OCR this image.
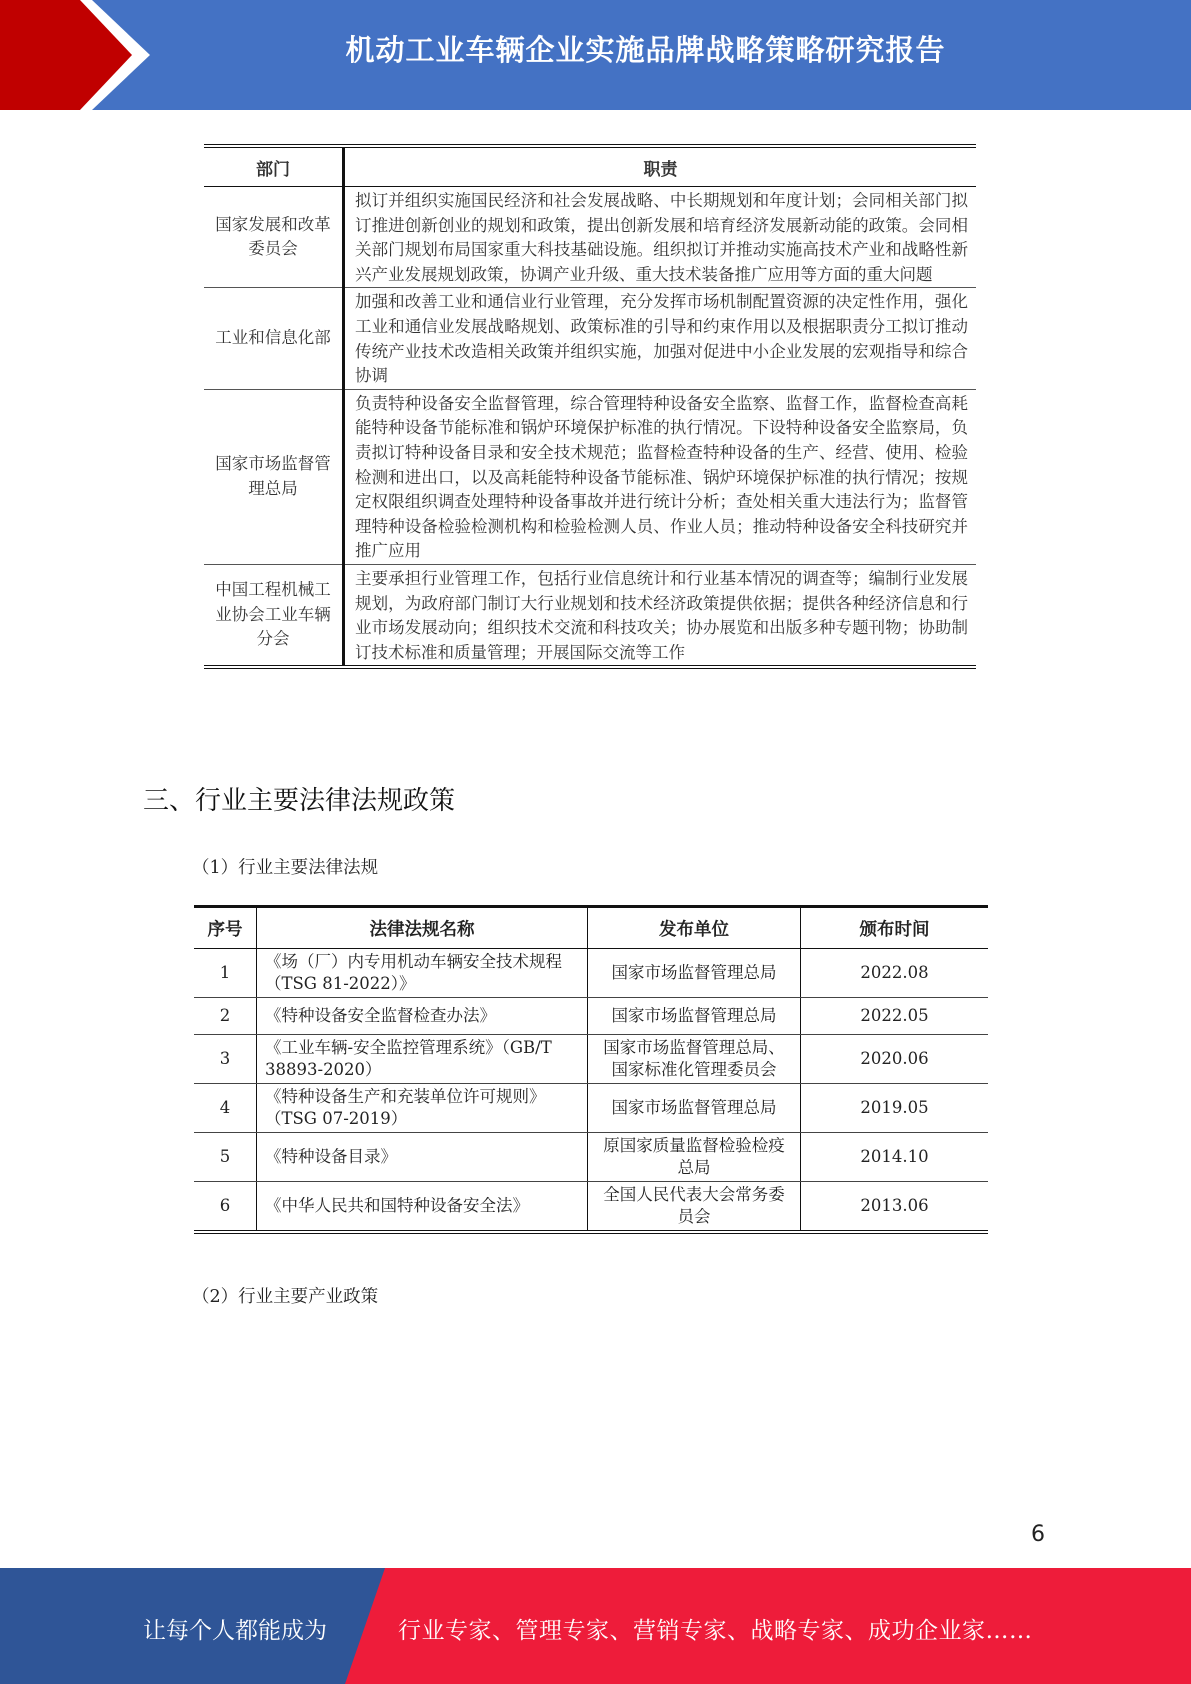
机动工业车辆企业实施品牌战略策略研究报告
部门	职责
国家发展和改革委员会	拟订并组织实施国民经济和社会发展战略、中长期规划和年度计划；会同相关部门拟订推进创新创业的规划和政策，提出创新发展和培育经济发展新动能的政策。会同相关部门规划布局国家重大科技基础设施。组织拟订并推动实施高技术产业和战略性新兴产业发展规划政策，协调产业升级、重大技术装备推广应用等方面的重大问题
工业和信息化部	加强和改善工业和通信业行业管理，充分发挥市场机制配置资源的决定性作用，强化工业和通信业发展战略规划、政策标准的引导和约束作用以及根据职责分工拟订推动传统产业技术改造相关政策并组织实施，加强对促进中小企业发展的宏观指导和综合协调
国家市场监督管理总局	负责特种设备安全监督管理，综合管理特种设备安全监察、监督工作，监督检查高耗能特种设备节能标准和锅炉环境保护标准的执行情况。下设特种设备安全监察局，负责拟订特种设备目录和安全技术规范；监督检查特种设备的生产、经营、使用、检验检测和进出口，以及高耗能特种设备节能标准、锅炉环境保护标准的执行情况；按规定权限组织调查处理特种设备事故并进行统计分析；查处相关重大违法行为；监督管理特种设备检验检测机构和检验检测人员、作业人员；推动特种设备安全科技研究并推广应用
中国工程机械工业协会工业车辆分会	主要承担行业管理工作，包括行业信息统计和行业基本情况的调查等；编制行业发展规划，为政府部门制订大行业规划和技术经济政策提供依据；提供各种经济信息和行业市场发展动向；组织技术交流和科技攻关；协办展览和出版多种专题刊物；协助制订技术标准和质量管理；开展国际交流等工作
三、行业主要法律法规政策
（1）行业主要法律法规
序号	法律法规名称	发布单位	颁布时间
1	《场（厂）内专用机动车辆安全技术规程（TSG 81-2022）》	国家市场监督管理总局	2022.08
2	《特种设备安全监督检查办法》	国家市场监督管理总局	2022.05
3	《工业车辆-安全监控管理系统》（GB/T 38893-2020）	国家市场监督管理总局、国家标准化管理委员会	2020.06
4	《特种设备生产和充装单位许可规则》（TSG 07-2019）	国家市场监督管理总局	2019.05
5	《特种设备目录》	原国家质量监督检验检疫总局	2014.10
6	《中华人民共和国特种设备安全法》	全国人民代表大会常务委员会	2013.06
（2）行业主要产业政策
6
让每个人都能成为	行业专家、管理专家、营销专家、战略专家、成功企业家……
